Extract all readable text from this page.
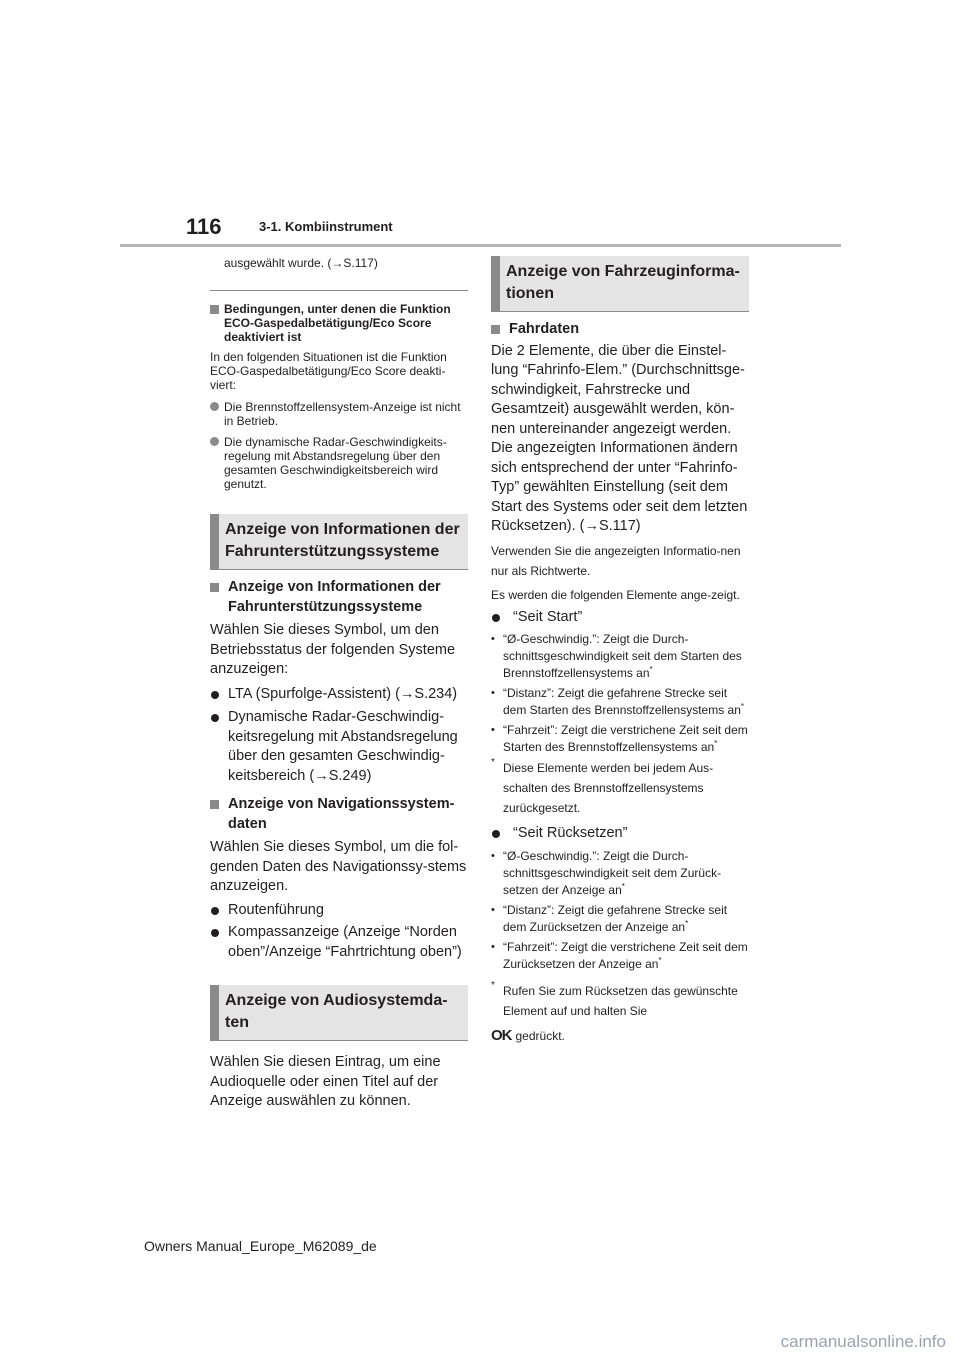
116	3-1. Kombiinstrument

ausgewählt wurde. (→S.117)

Bedingungen, unter denen die Funktion ECO-Gaspedalbetätigung/Eco Score deaktiviert ist

In den folgenden Situationen ist die Funktion ECO-Gaspedalbetätigung/Eco Score deakti-viert:

Die Brennstoffzellensystem-Anzeige ist nicht in Betrieb.

Die dynamische Radar-Geschwindigkeits-regelung mit Abstandsregelung über den gesamten Geschwindigkeitsbereich wird genutzt.

Anzeige von Informationen der Fahrunterstützungssysteme

Anzeige von Informationen der Fahrunterstützungssysteme

Wählen Sie dieses Symbol, um den Betriebsstatus der folgenden Systeme anzuzeigen:

LTA (Spurfolge-Assistent) (→S.234)

Dynamische Radar-Geschwindig-keitsregelung mit Abstandsregelung über den gesamten Geschwindig-keitsbereich (→S.249)

Anzeige von Navigationssystem-daten

Wählen Sie dieses Symbol, um die fol-genden Daten des Navigationssy-stems anzuzeigen.

Routenführung

Kompassanzeige (Anzeige “Norden oben”/Anzeige “Fahrtrichtung oben”)

Anzeige von Audiosystemda-ten

Wählen Sie diesen Eintrag, um eine Audioquelle oder einen Titel auf der Anzeige auswählen zu können.

Anzeige von Fahrzeuginforma-tionen

Fahrdaten

Die 2 Elemente, die über die Einstel-lung “Fahrinfo-Elem.” (Durchschnittsge-schwindigkeit, Fahrstrecke und Gesamtzeit) ausgewählt werden, kön-nen untereinander angezeigt werden. Die angezeigten Informationen ändern sich entsprechend der unter “Fahrinfo-Typ” gewählten Einstellung (seit dem Start des Systems oder seit dem letzten Rücksetzen). (→S.117)

Verwenden Sie die angezeigten Informatio-nen nur als Richtwerte.

Es werden die folgenden Elemente ange-zeigt.

“Seit Start”

• “Ø-Geschwindig.”: Zeigt die Durch-schnittsgeschwindigkeit seit dem Starten des Brennstoffzellensystems an*

• “Distanz”: Zeigt die gefahrene Strecke seit dem Starten des Brennstoffzellensystems an*

• “Fahrzeit”: Zeigt die verstrichene Zeit seit dem Starten des Brennstoffzellensystems an*

* Diese Elemente werden bei jedem Aus-schalten des Brennstoffzellensystems zurückgesetzt.

“Seit Rücksetzen”

• “Ø-Geschwindig.”: Zeigt die Durch-schnittsgeschwindigkeit seit dem Zurück-setzen der Anzeige an*

• “Distanz”: Zeigt die gefahrene Strecke seit dem Zurücksetzen der Anzeige an*

• “Fahrzeit”: Zeigt die verstrichene Zeit seit dem Zurücksetzen der Anzeige an*

* Rufen Sie zum Rücksetzen das gewünschte Element auf und halten Sie

OK gedrückt.

Owners Manual_Europe_M62089_de
carmanualsonline.info
